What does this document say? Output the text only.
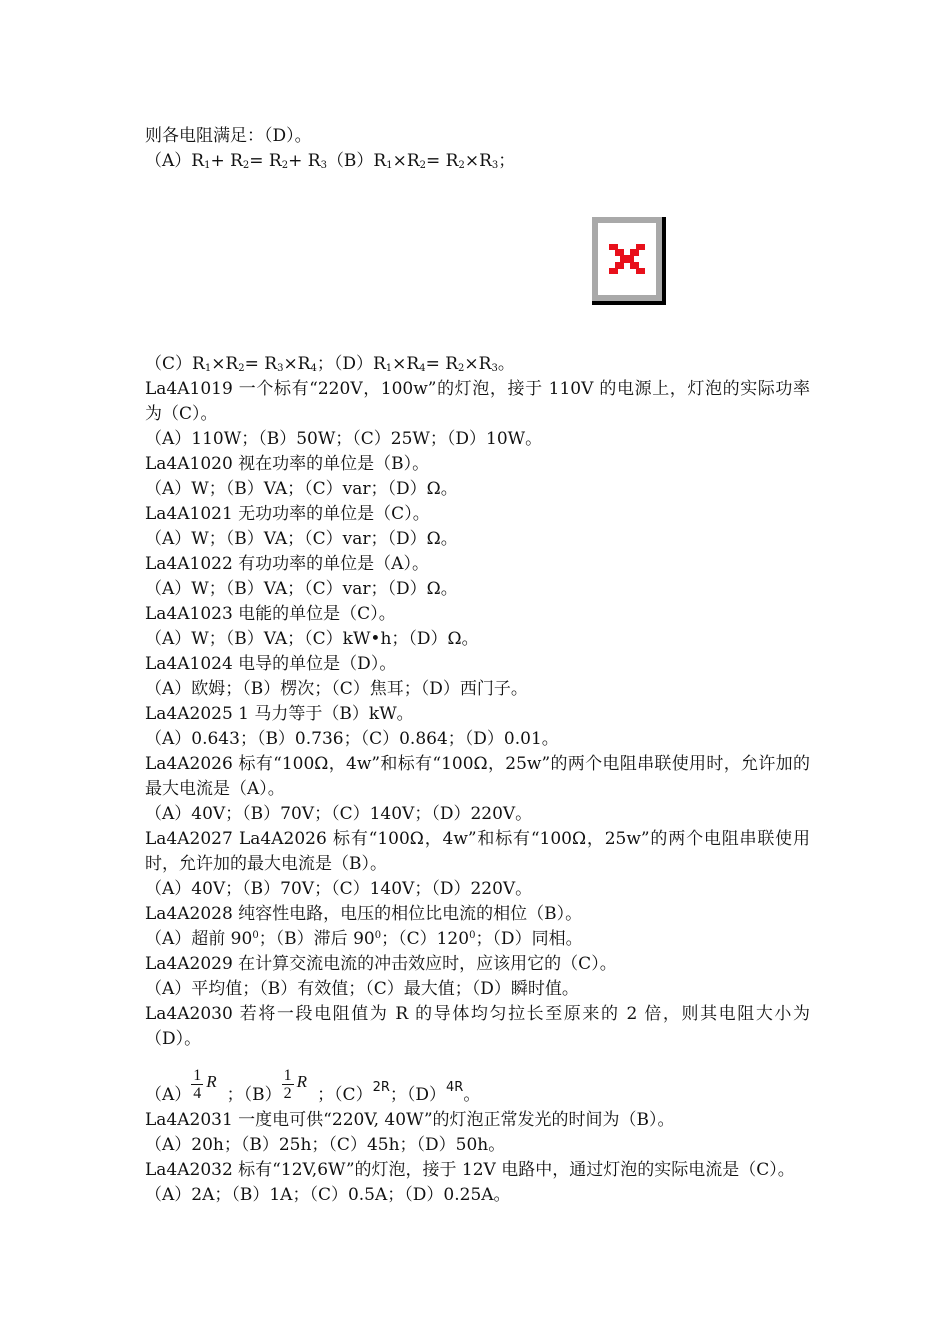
则各电阻满足：（D）。

$(A)R_1+ R_2= R_2+ R_3(B)R_1\times R_2= R_2\times R_3$；

$(C)R_1\times R_2= R_3\times R_4$；$(D)R_1\times R_4= R_2\times R_3$。

La4A1019 一个标有“220V，100w”的灯泡，接于 110V 的电源上，灯泡的实际功率为（C）。

（A）110W；（B）50W；（C）25W；（D）10W。

La4A1020 视在功率的单位是（B）。

（A）W；（B）VA；（C）var；（D）Ω。

La4A1021 无功功率的单位是（C）。

（A）W；（B）VA；（C）var；（D）Ω。

La4A1022 有功功率的单位是（A）。

（A）W；（B）VA；（C）var；（D）Ω。

La4A1023 电能的单位是（C）。

（A）W；（B）VA；（C）kW•h；（D）Ω。

La4A1024 电导的单位是（D）。

（A）欧姆；（B）楞次；（C）焦耳；（D）西门子。

La4A2025 1 马力等于（B）kW。

（A）0.643；（B）0.736；（C）0.864；（D）0.01。

La4A2026 标有“100Ω，4w”和标有“100Ω，25w”的两个电阻串联使用时，允许加的最大电流是（A）。

（A）40V；（B）70V；（C）140V；（D）220V。

La4A2027 La4A2026 标有“100Ω，4w”和标有“100Ω，25w”的两个电阻串联使用时，允许加的最大电流是（B）。

（A）40V；（B）70V；（C）140V；（D）220V。

La4A2028 纯容性电路，电压的相位比电流的相位（B）。

（A）超前 $90^0$；（B）滞后 $90^0$；$(C)120^0$；（D）同相。

La4A2029 在计算交流电流的冲击效应时，应该用它的（C）。

（A）平均值；（B）有效值；（C）最大值；（D）瞬时值。

La4A2030 若将一段电阻值为 R 的导体均匀拉长至原来的 2 倍，则其电阻大小为（D）。

$(A) \frac{1}{4}$ R
；$(B) \frac{1}{2}$ R
；（C） 2R ；（D） 4R 。

La4A2031 一度电可供“220V, 40W”的灯泡正常发光的时间为（B）。

（A）20h；（B）25h；（C）45h；（D）50h。

La4A2032 标有“12V,6W”的灯泡，接于 12V 电路中，通过灯泡的实际电流是（C）。

（A）2A；（B）1A；（C）0.5A；（D）0.25A。
